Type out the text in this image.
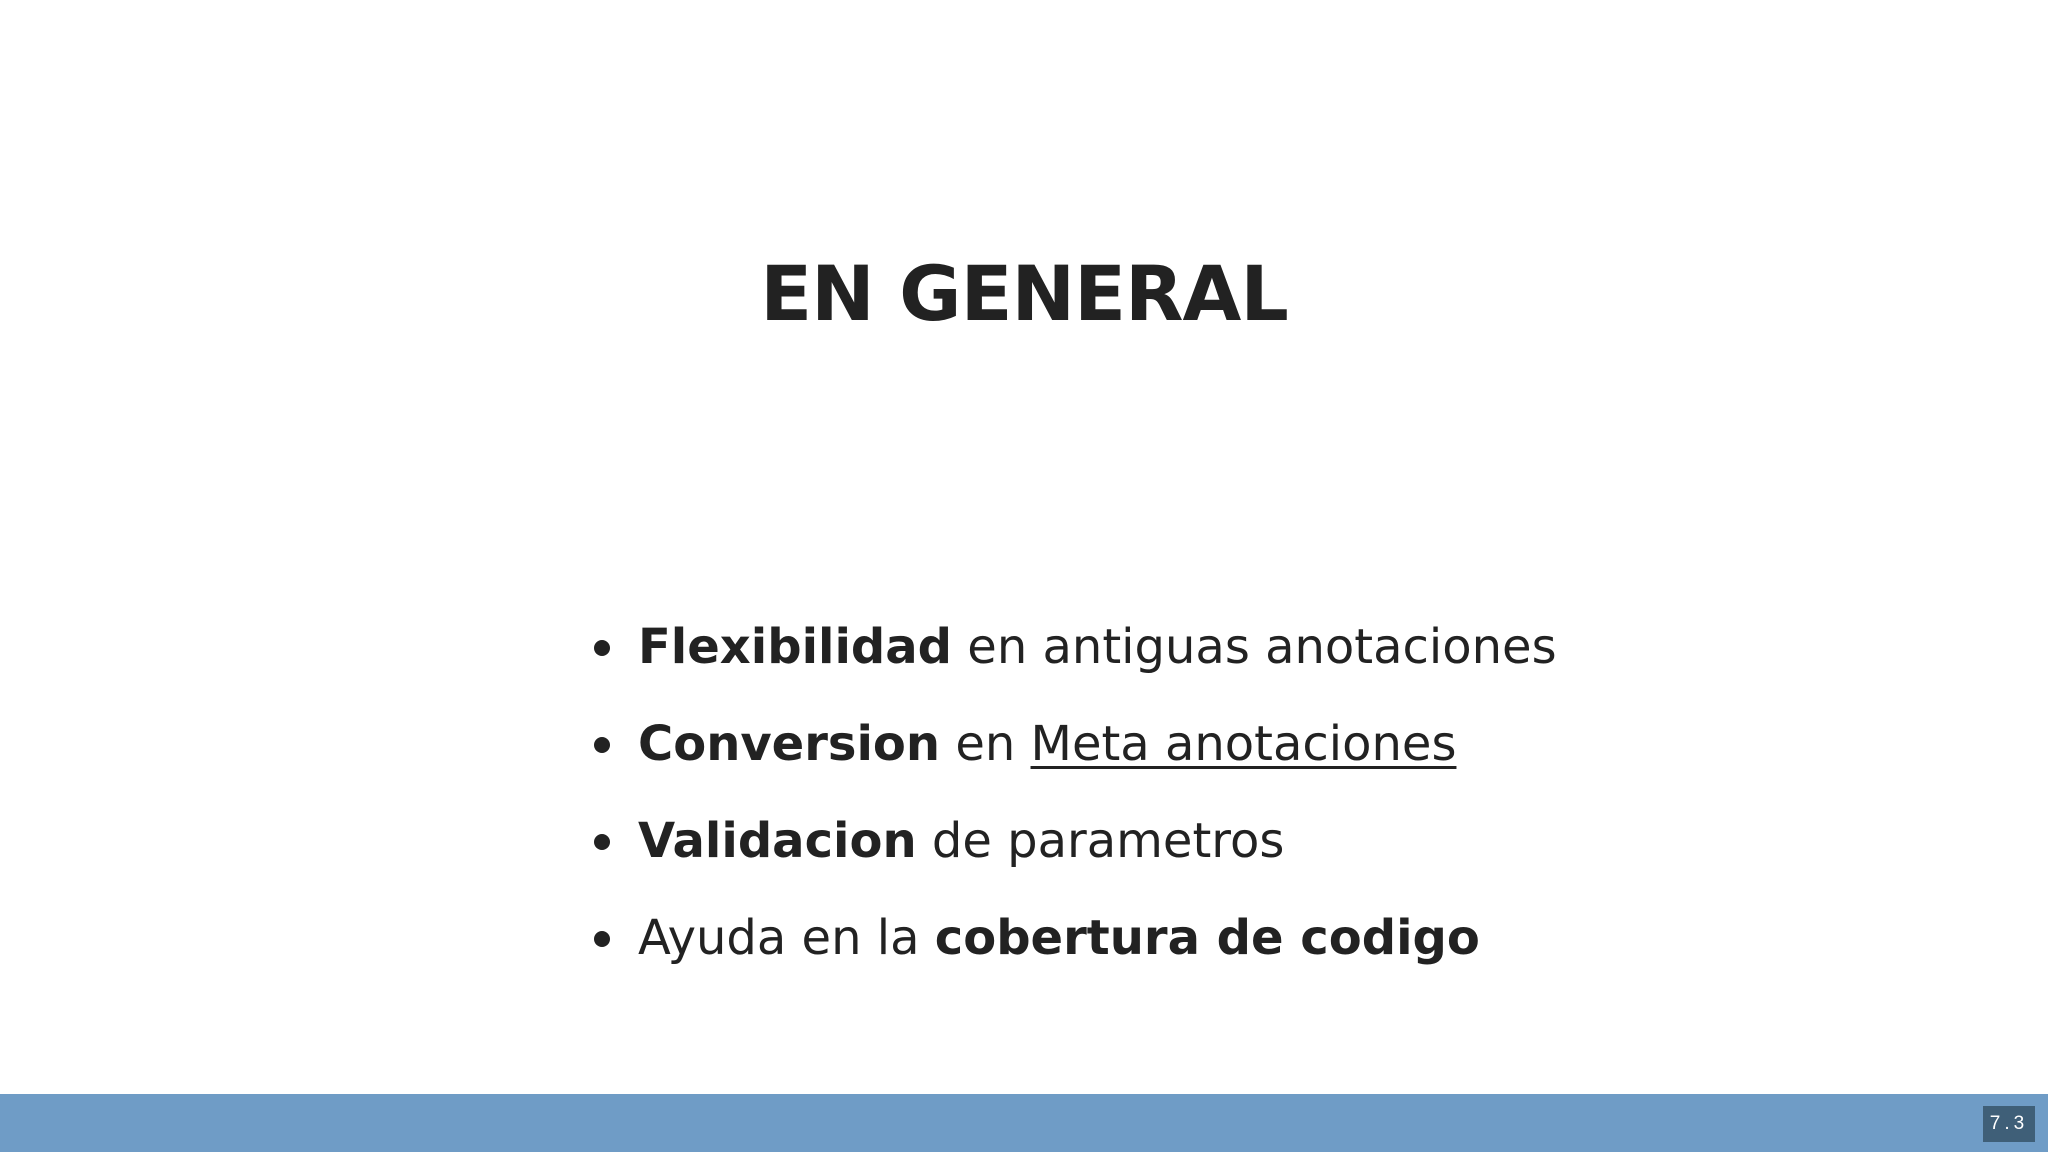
EN GENERAL
Flexibilidad en antiguas anotaciones
Conversion en Meta anotaciones
Validacion de parametros
Ayuda en la cobertura de codigo
7.3
